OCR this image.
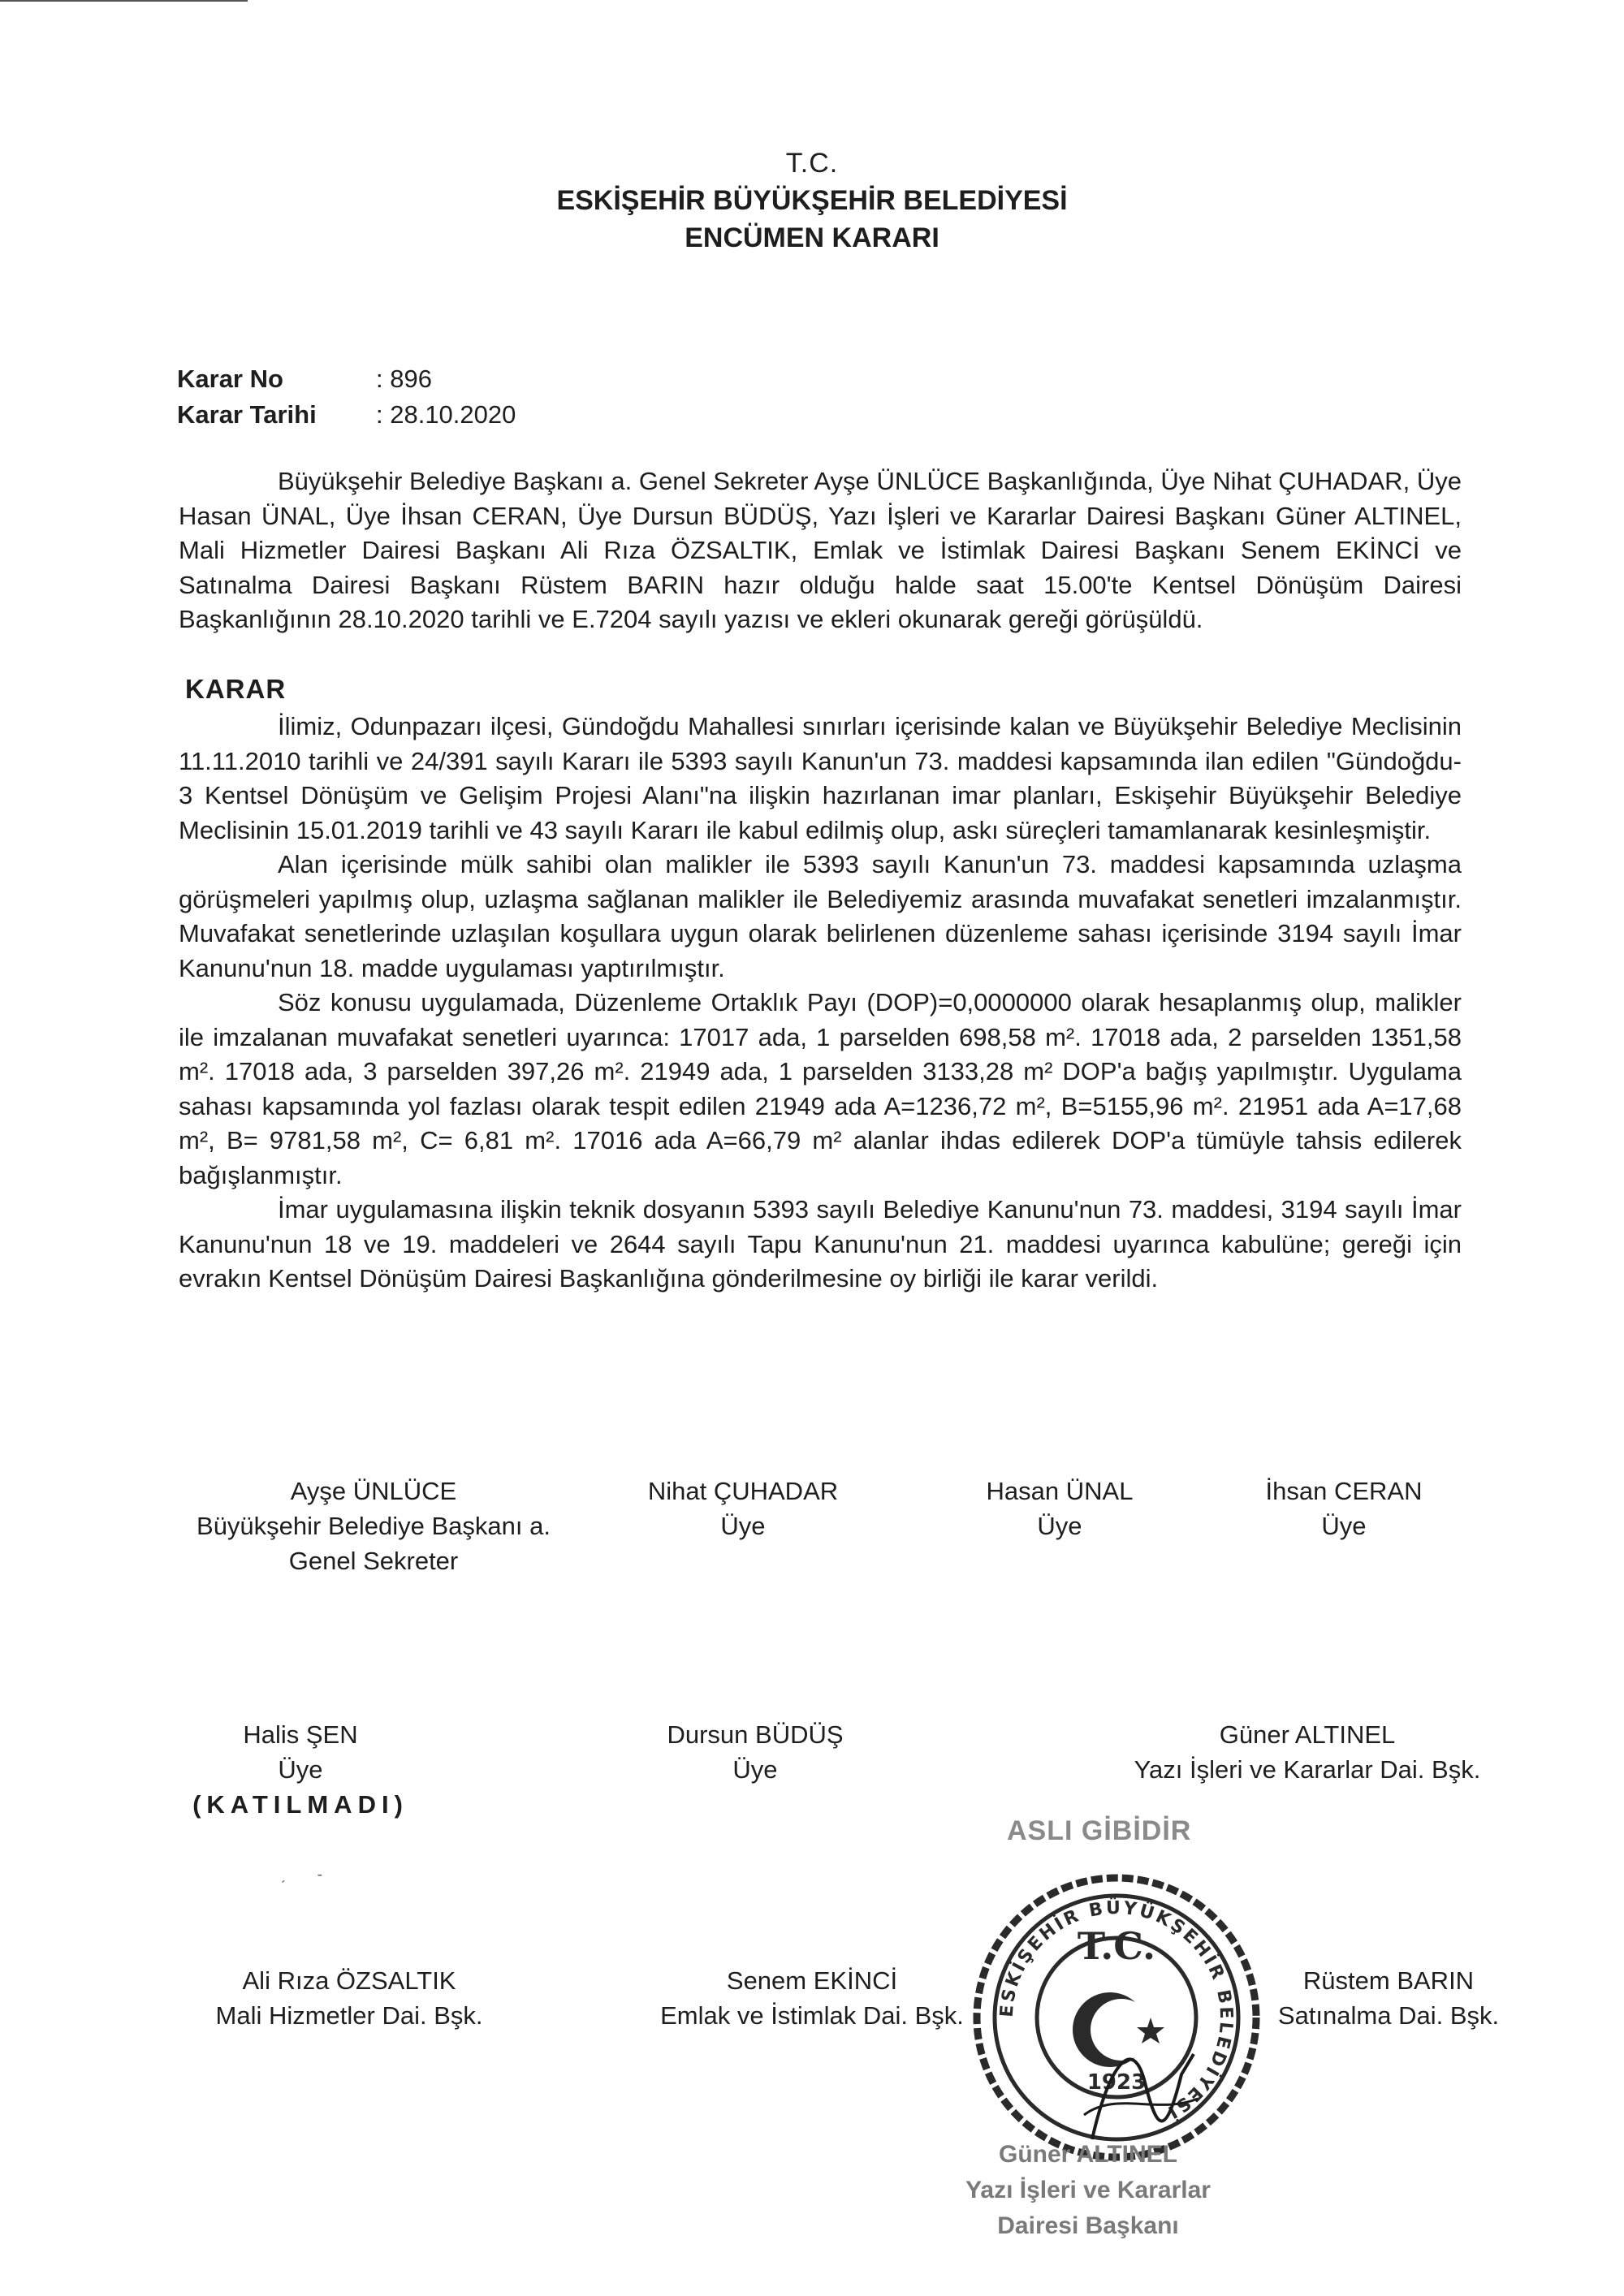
T.C.
ESKİŞEHİR BÜYÜKŞEHİR BELEDİYESİ
ENCÜMEN KARARI
Karar No	: 896
Karar Tarihi	: 28.10.2020

Büyükşehir Belediye Başkanı a. Genel Sekreter Ayşe ÜNLÜCE Başkanlığında, Üye Nihat ÇUHADAR, Üye Hasan ÜNAL, Üye İhsan CERAN, Üye Dursun BÜDÜŞ, Yazı İşleri ve Kararlar Dairesi Başkanı Güner ALTINEL, Mali Hizmetler Dairesi Başkanı Ali Rıza ÖZSALTIK, Emlak ve İstimlak Dairesi Başkanı Senem EKİNCİ ve Satınalma Dairesi Başkanı Rüstem BARIN hazır olduğu halde saat 15.00'te Kentsel Dönüşüm Dairesi Başkanlığının 28.10.2020 tarihli ve E.7204 sayılı yazısı ve ekleri okunarak gereği görüşüldü.

KARAR

İlimiz, Odunpazarı ilçesi, Gündoğdu Mahallesi sınırları içerisinde kalan ve Büyükşehir Belediye Meclisinin 11.11.2010 tarihli ve 24/391 sayılı Kararı ile 5393 sayılı Kanun'un 73. maddesi kapsamında ilan edilen "Gündoğdu-3 Kentsel Dönüşüm ve Gelişim Projesi Alanı"na ilişkin hazırlanan imar planları, Eskişehir Büyükşehir Belediye Meclisinin 15.01.2019 tarihli ve 43 sayılı Kararı ile kabul edilmiş olup, askı süreçleri tamamlanarak kesinleşmiştir.

Alan içerisinde mülk sahibi olan malikler ile 5393 sayılı Kanun'un 73. maddesi kapsamında uzlaşma görüşmeleri yapılmış olup, uzlaşma sağlanan malikler ile Belediyemiz arasında muvafakat senetleri imzalanmıştır. Muvafakat senetlerinde uzlaşılan koşullara uygun olarak belirlenen düzenleme sahası içerisinde 3194 sayılı İmar Kanunu'nun 18. madde uygulaması yaptırılmıştır.

Söz konusu uygulamada, Düzenleme Ortaklık Payı (DOP)=0,0000000 olarak hesaplanmış olup, malikler ile imzalanan muvafakat senetleri uyarınca: 17017 ada, 1 parselden 698,58 m². 17018 ada, 2 parselden 1351,58 m². 17018 ada, 3 parselden 397,26 m². 21949 ada, 1 parselden 3133,28 m² DOP'a bağış yapılmıştır. Uygulama sahası kapsamında yol fazlası olarak tespit edilen 21949 ada A=1236,72 m², B=5155,96 m². 21951 ada A=17,68 m², B= 9781,58 m², C= 6,81 m². 17016 ada A=66,79 m² alanlar ihdas edilerek DOP'a tümüyle tahsis edilerek bağışlanmıştır.

İmar uygulamasına ilişkin teknik dosyanın 5393 sayılı Belediye Kanunu'nun 73. maddesi, 3194 sayılı İmar Kanunu'nun 18 ve 19. maddeleri ve 2644 sayılı Tapu Kanunu'nun 21. maddesi uyarınca kabulüne; gereği için evrakın Kentsel Dönüşüm Dairesi Başkanlığına gönderilmesine oy birliği ile karar verildi.

Ayşe ÜNLÜCE
Büyükşehir Belediye Başkanı a.
Genel Sekreter
Nihat ÇUHADAR
Üye
Hasan ÜNAL
Üye
İhsan CERAN
Üye
Halis ŞEN
Üye
(KATILMADI)
Dursun BÜDÜŞ
Üye
Güner ALTINEL
Yazı İşleri ve Kararlar Dai. Bşk.
ˏ       -
Ali Rıza ÖZSALTIK
Mali Hizmetler Dai. Bşk.
Senem EKİNCİ
Emlak ve İstimlak Dai. Bşk.
Rüstem BARIN
Satınalma Dai. Bşk.
ASLI GİBİDİR
ESKİŞEHİR BÜYÜKŞEHİR BELEDİYESİ
T.C.
1923
Güner ALTINEL
Yazı İşleri ve Kararlar
Dairesi Başkanı
